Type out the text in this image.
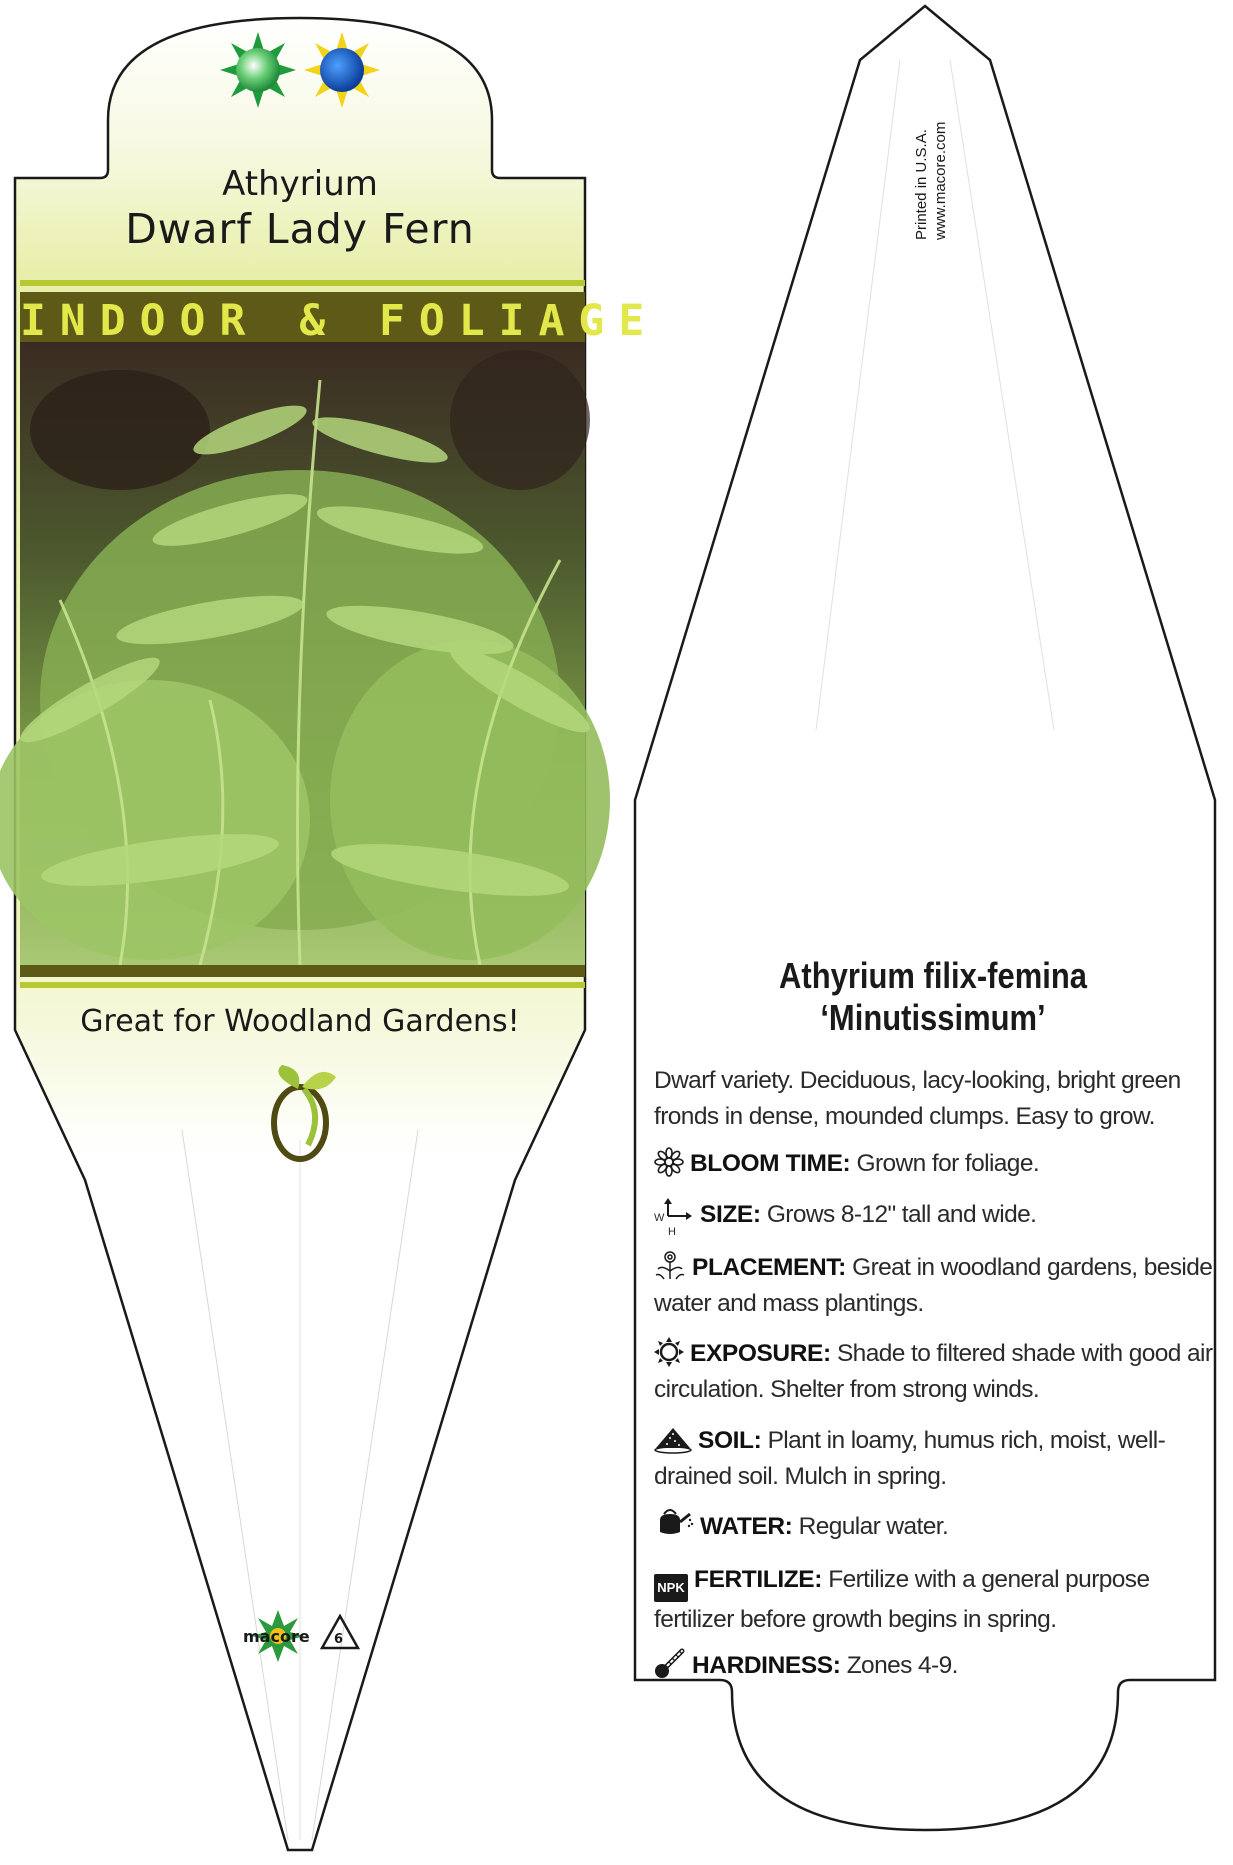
Athyrium
Dwarf Lady Fern
INDOOR & FOLIAGE
Great for Woodland Gardens!
macore 6
Printed in U.S.A. www.macore.com
Athyrium filix-femina
‘Minutissimum’
Dwarf variety. Deciduous, lacy-looking, bright green fronds in dense, mounded clumps. Easy to grow.
BLOOM TIME: Grown for foliage.
W
H
SIZE: Grows 8-12" tall and wide.
PLACEMENT: Great in woodland gardens, beside water and mass plantings.
EXPOSURE: Shade to filtered shade with good air circulation. Shelter from strong winds.
SOIL: Plant in loamy, humus rich, moist, well-drained soil. Mulch in spring.
WATER: Regular water.
NPK FERTILIZE: Fertilize with a general purpose fertilizer before growth begins in spring.
HARDINESS: Zones 4-9.
